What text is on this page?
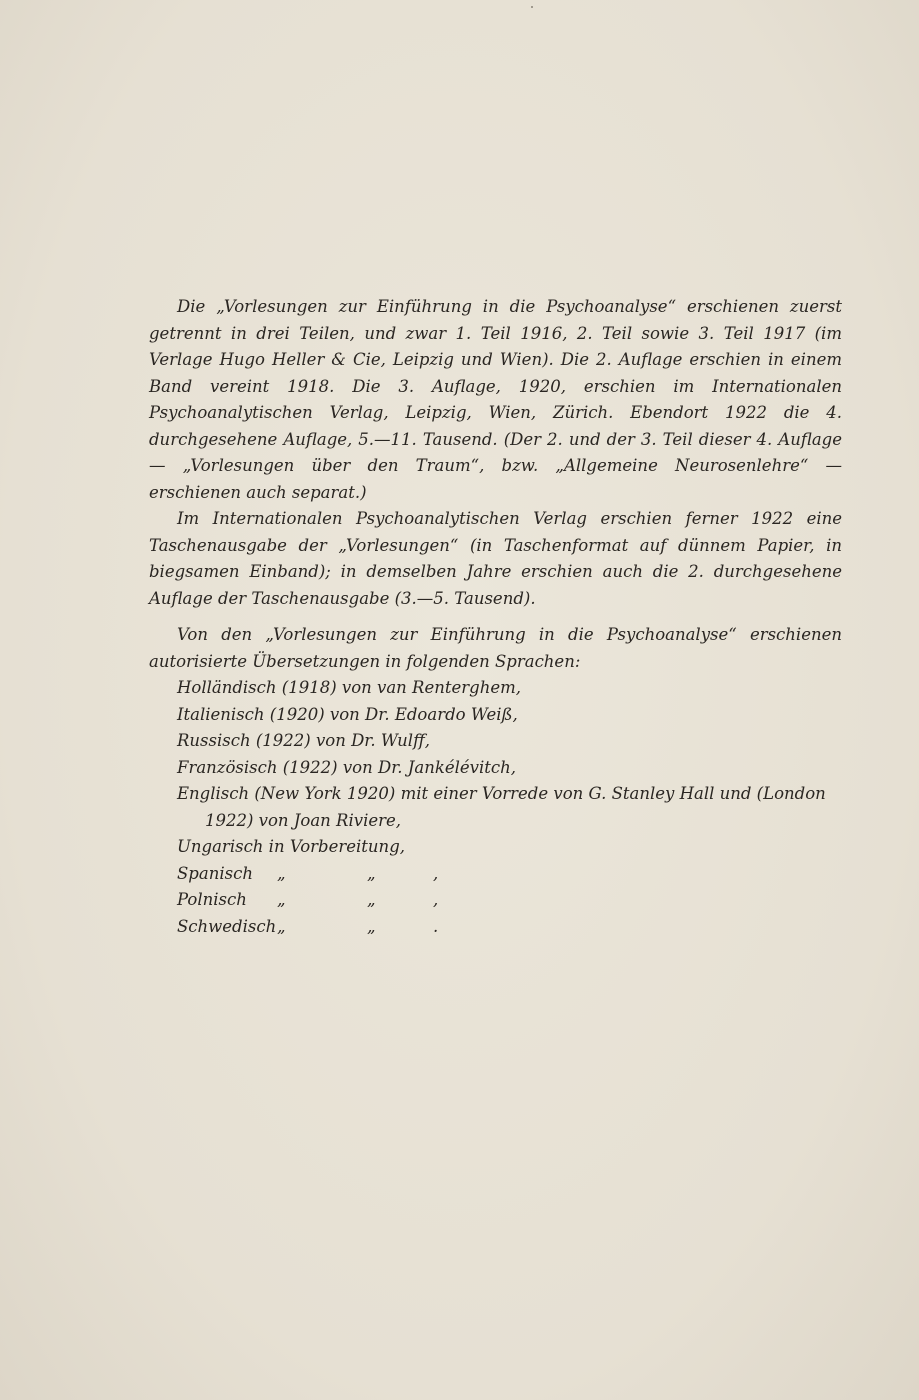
Die „Vorlesungen zur Einführung in die Psychoanalyse“ erschienen zuerst getrennt in drei Teilen, und zwar 1. Teil 1916, 2. Teil sowie 3. Teil 1917 (im Verlage Hugo Heller & Cie, Leipzig und Wien). Die 2. Auflage erschien in einem Band vereint 1918. Die 3. Auflage, 1920, erschien im Internationalen Psychoanalytischen Verlag, Leipzig, Wien, Zürich. Ebendort 1922 die 4. durchgesehene Auflage, 5.—11. Tausend. (Der 2. und der 3. Teil dieser 4. Auflage — „Vorlesungen über den Traum“, bzw. „Allgemeine Neurosenlehre“ — erschienen auch separat.)

Im Internationalen Psychoanalytischen Verlag erschien ferner 1922 eine Taschenausgabe der „Vorlesungen“ (in Taschenformat auf dünnem Papier, in biegsamen Einband); in demselben Jahre erschien auch die 2. durchgesehene Auflage der Taschenausgabe (3.—5. Tausend).

Von den „Vorlesungen zur Einführung in die Psychoanalyse“ erschienen autorisierte Übersetzungen in folgenden Sprachen:

Holländisch (1918) von van Renterghem,
Italienisch (1920) von Dr. Edoardo Weiß,
Russisch (1922) von Dr. Wulff,
Französisch (1922) von Dr. Jankélévitch,
Englisch (New York 1920) mit einer Vorrede von G. Stanley Hall und (London 1922) von Joan Riviere,
Ungarisch in Vorbereitung,
Spanisch	„	„	,
Polnisch	„	„	,
Schwedisch „	„	.
